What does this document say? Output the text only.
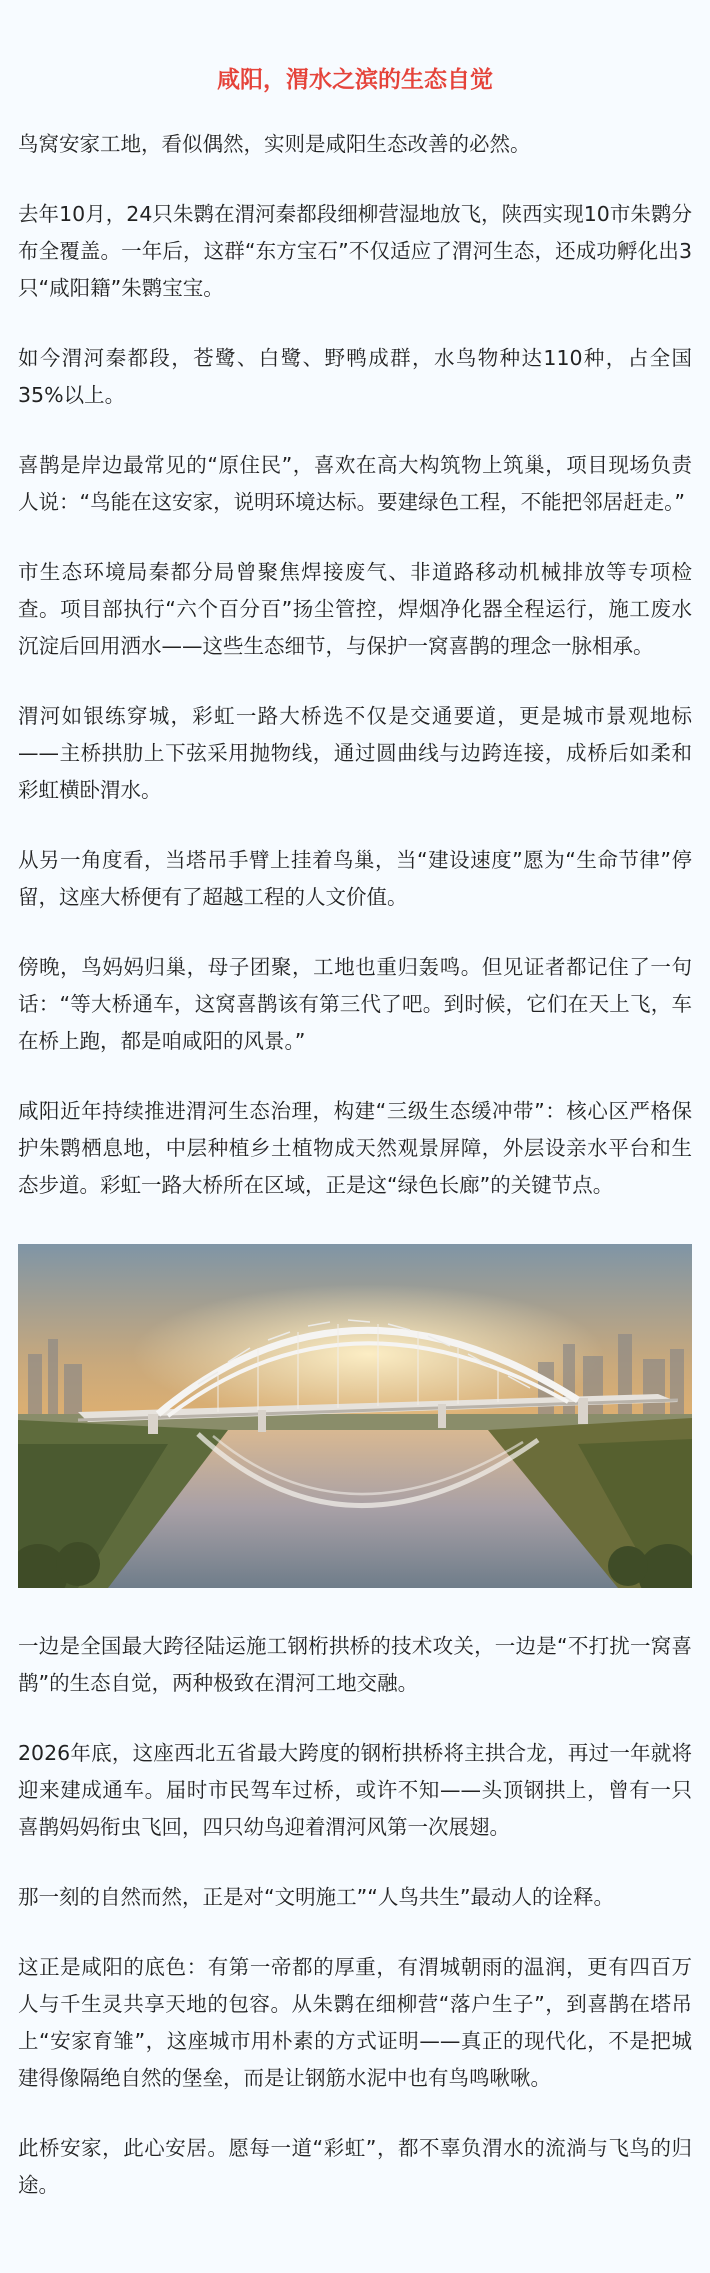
咸阳，渭水之滨的生态自觉

鸟窝安家工地，看似偶然，实则是咸阳生态改善的必然。

去年10月，24只朱鹮在渭河秦都段细柳营湿地放飞，陕西实现10市朱鹮分布全覆盖。一年后，这群“东方宝石”不仅适应了渭河生态，还成功孵化出3只“咸阳籍”朱鹮宝宝。

如今渭河秦都段，苍鹭、白鹭、野鸭成群，水鸟物种达110种，占全国35%以上。

喜鹊是岸边最常见的“原住民”，喜欢在高大构筑物上筑巢，项目现场负责人说：“鸟能在这安家，说明环境达标。要建绿色工程，不能把邻居赶走。”

市生态环境局秦都分局曾聚焦焊接废气、非道路移动机械排放等专项检查。项目部执行“六个百分百”扬尘管控，焊烟净化器全程运行，施工废水沉淀后回用洒水——这些生态细节，与保护一窝喜鹊的理念一脉相承。

渭河如银练穿城，彩虹一路大桥选不仅是交通要道，更是城市景观地标——主桥拱肋上下弦采用抛物线，通过圆曲线与边跨连接，成桥后如柔和彩虹横卧渭水。

从另一角度看，当塔吊手臂上挂着鸟巢，当“建设速度”愿为“生命节律”停留，这座大桥便有了超越工程的人文价值。

傍晚，鸟妈妈归巢，母子团聚，工地也重归轰鸣。但见证者都记住了一句话：“等大桥通车，这窝喜鹊该有第三代了吧。到时候，它们在天上飞，车在桥上跑，都是咱咸阳的风景。”

咸阳近年持续推进渭河生态治理，构建“三级生态缓冲带”：核心区严格保护朱鹮栖息地，中层种植乡土植物成天然观景屏障，外层设亲水平台和生态步道。彩虹一路大桥所在区域，正是这“绿色长廊”的关键节点。

一边是全国最大跨径陆运施工钢桁拱桥的技术攻关，一边是“不打扰一窝喜鹊”的生态自觉，两种极致在渭河工地交融。

2026年底，这座西北五省最大跨度的钢桁拱桥将主拱合龙，再过一年就将迎来建成通车。届时市民驾车过桥，或许不知——头顶钢拱上，曾有一只喜鹊妈妈衔虫飞回，四只幼鸟迎着渭河风第一次展翅。

那一刻的自然而然，正是对“文明施工”“人鸟共生”最动人的诠释。

这正是咸阳的底色：有第一帝都的厚重，有渭城朝雨的温润，更有四百万人与千生灵共享天地的包容。从朱鹮在细柳营“落户生子”，到喜鹊在塔吊上“安家育雏”，这座城市用朴素的方式证明——真正的现代化，不是把城建得像隔绝自然的堡垒，而是让钢筋水泥中也有鸟鸣啾啾。

此桥安家，此心安居。愿每一道“彩虹”，都不辜负渭水的流淌与飞鸟的归途。
